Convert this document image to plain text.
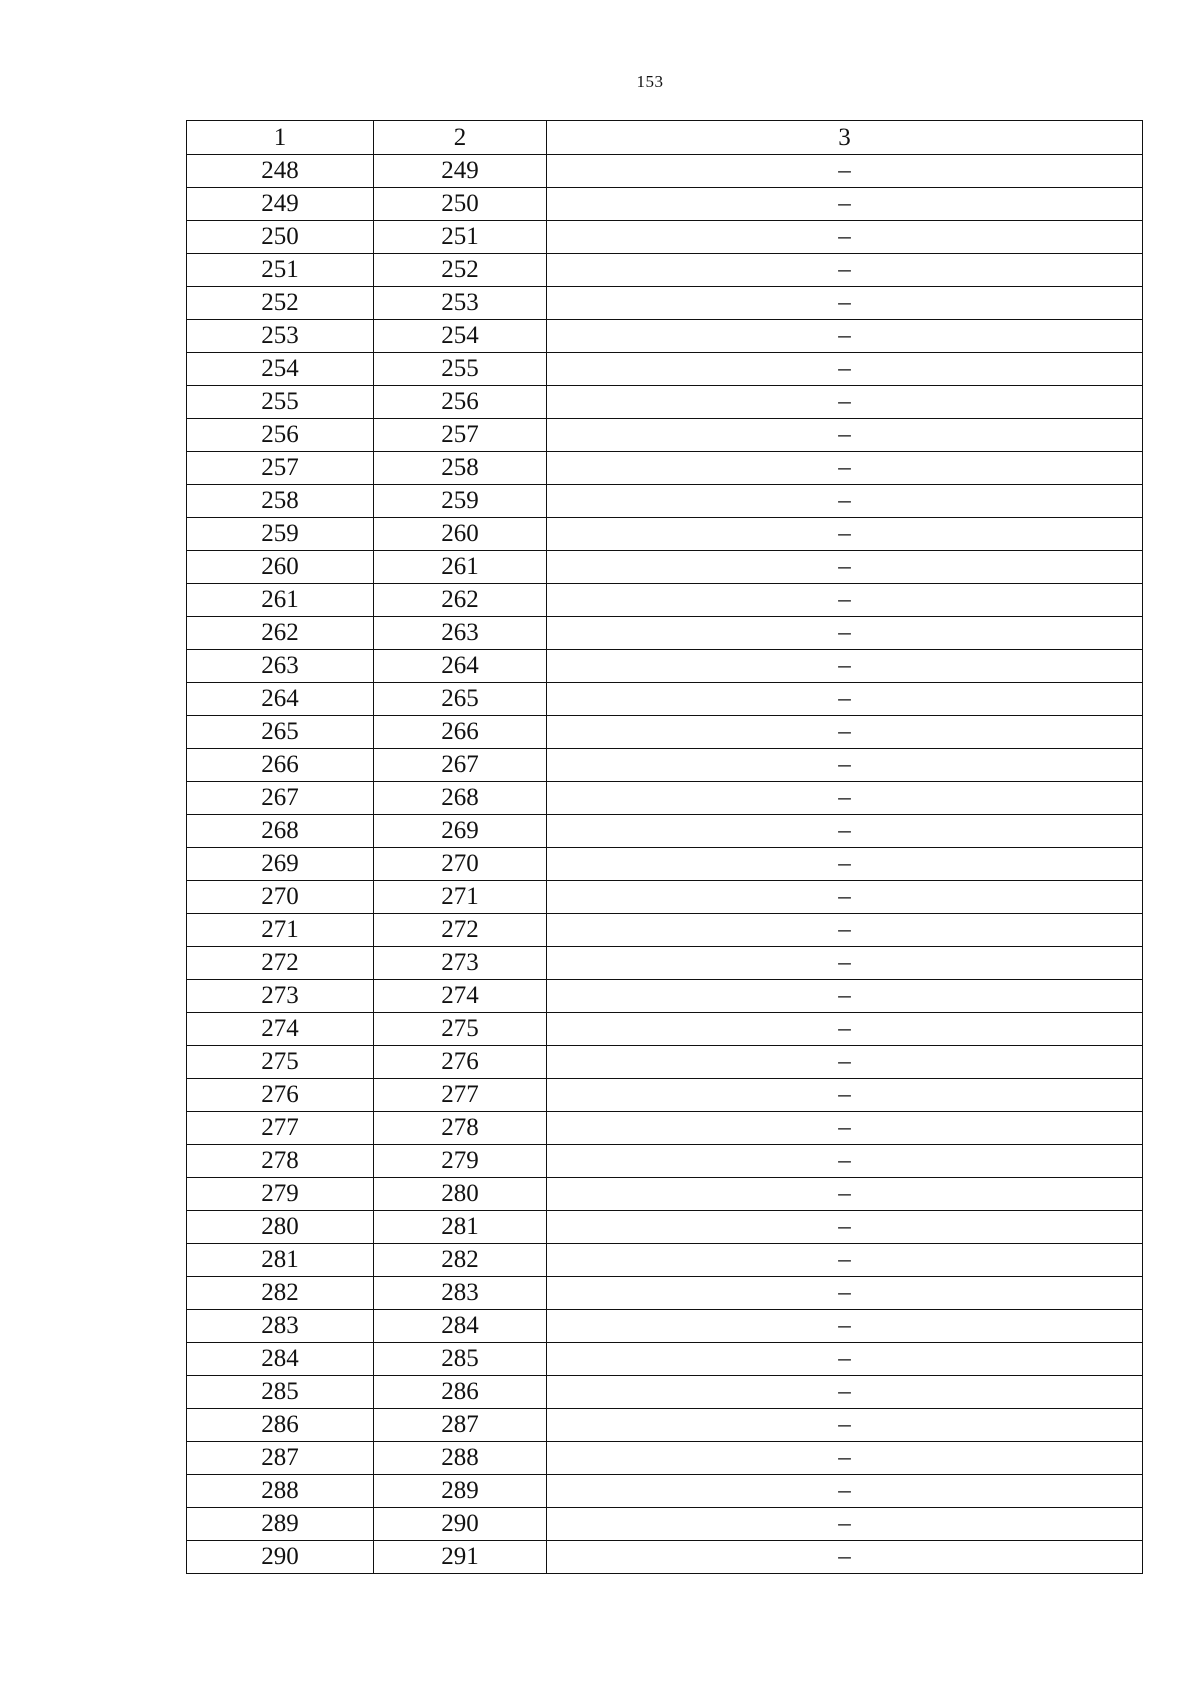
153
1	2	3
248	249	–
249	250	–
250	251	–
251	252	–
252	253	–
253	254	–
254	255	–
255	256	–
256	257	–
257	258	–
258	259	–
259	260	–
260	261	–
261	262	–
262	263	–
263	264	–
264	265	–
265	266	–
266	267	–
267	268	–
268	269	–
269	270	–
270	271	–
271	272	–
272	273	–
273	274	–
274	275	–
275	276	–
276	277	–
277	278	–
278	279	–
279	280	–
280	281	–
281	282	–
282	283	–
283	284	–
284	285	–
285	286	–
286	287	–
287	288	–
288	289	–
289	290	–
290	291	–
